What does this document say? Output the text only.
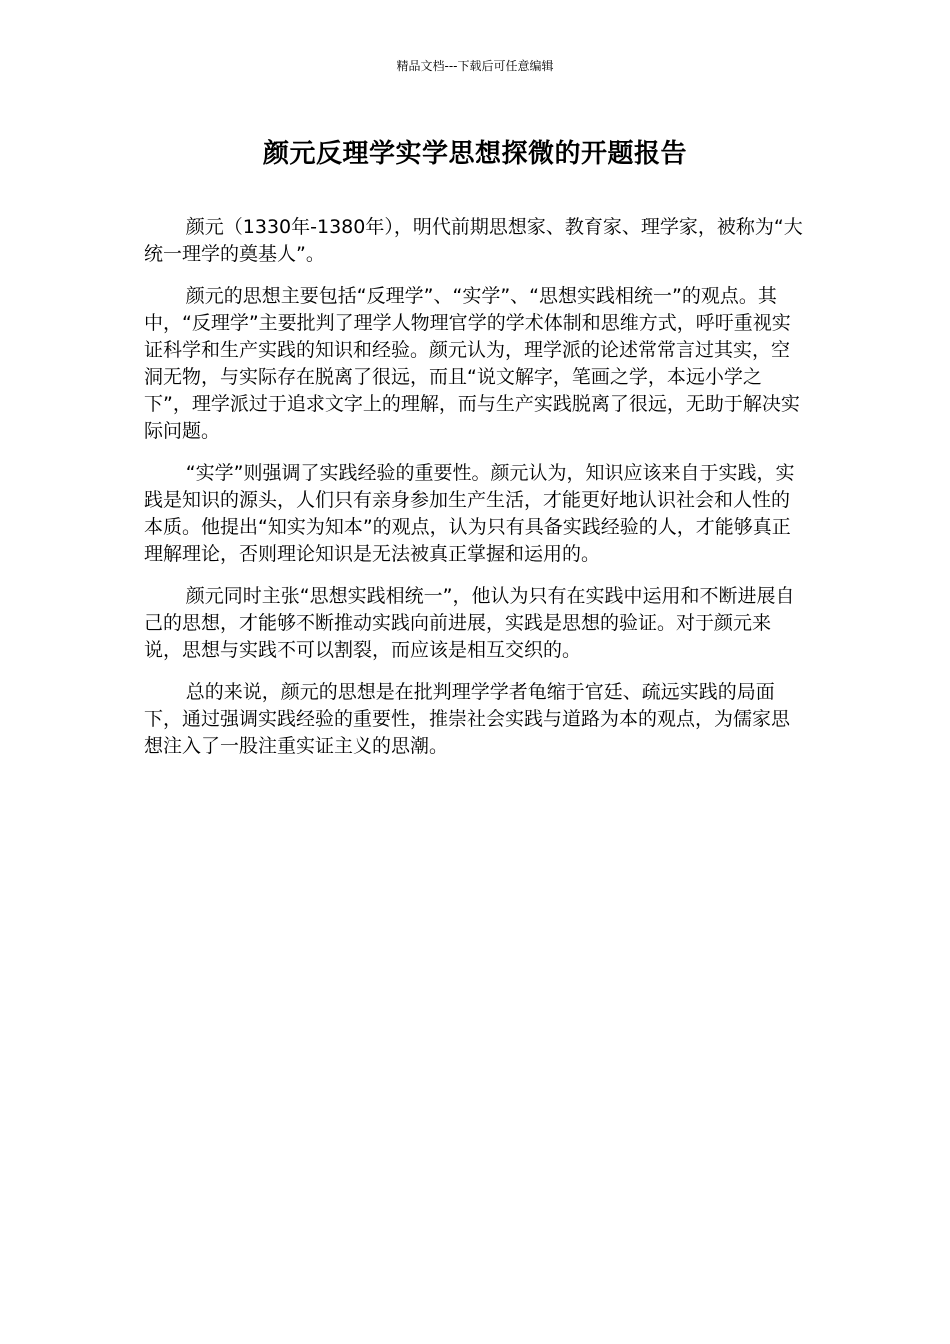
精品文档---下载后可任意编辑
颜元反理学实学思想探微的开题报告

颜元（1330年-1380年），明代前期思想家、教育家、理学家，被称为“大统一理学的奠基人”。

颜元的思想主要包括“反理学”、“实学”、“思想实践相统一”的观点。其中，“反理学”主要批判了理学人物理官学的学术体制和思维方式，呼吁重视实证科学和生产实践的知识和经验。颜元认为，理学派的论述常常言过其实，空洞无物，与实际存在脱离了很远，而且“说文解字，笔画之学，本远小学之下”，理学派过于追求文字上的理解，而与生产实践脱离了很远，无助于解决实际问题。

“实学”则强调了实践经验的重要性。颜元认为，知识应该来自于实践，实践是知识的源头，人们只有亲身参加生产生活，才能更好地认识社会和人性的本质。他提出“知实为知本”的观点，认为只有具备实践经验的人，才能够真正理解理论，否则理论知识是无法被真正掌握和运用的。

颜元同时主张“思想实践相统一”，他认为只有在实践中运用和不断进展自己的思想，才能够不断推动实践向前进展，实践是思想的验证。对于颜元来说，思想与实践不可以割裂，而应该是相互交织的。

总的来说，颜元的思想是在批判理学学者龟缩于官廷、疏远实践的局面下，通过强调实践经验的重要性，推崇社会实践与道路为本的观点，为儒家思想注入了一股注重实证主义的思潮。
